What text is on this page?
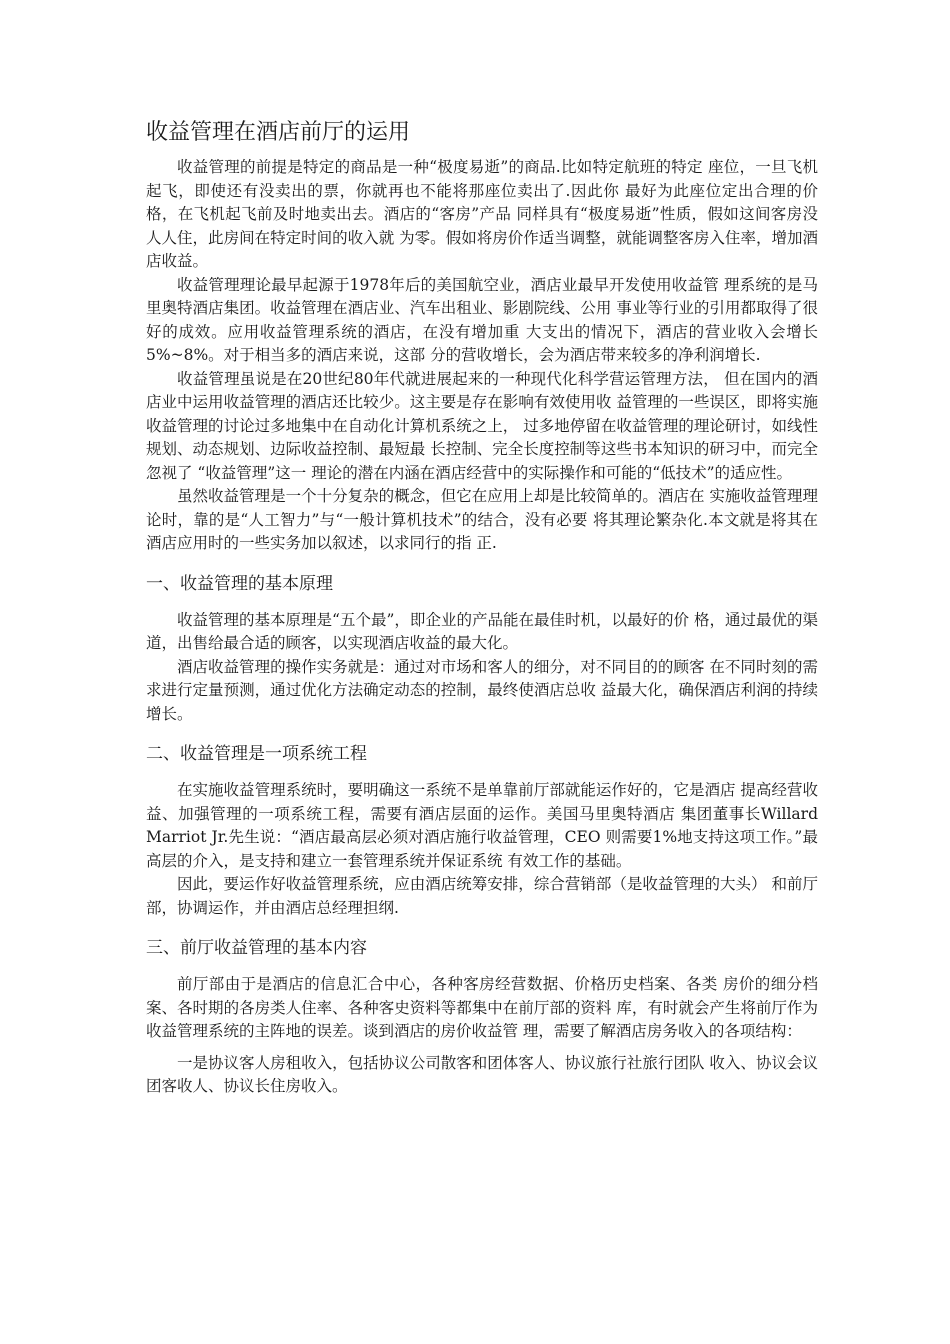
收益管理在酒店前厅的运用

收益管理的前提是特定的商品是一种“极度易逝”的商品.比如特定航班的特定 座位，一旦飞机起飞，即使还有没卖出的票，你就再也不能将那座位卖出了.因此你 最好为此座位定出合理的价格，在飞机起飞前及时地卖出去。酒店的“客房”产品 同样具有“极度易逝”性质，假如这间客房没人人住，此房间在特定时间的收入就 为零。假如将房价作适当调整，就能调整客房入住率，增加酒店收益。

收益管理理论最早起源于1978年后的美国航空业，酒店业最早开发使用收益管 理系统的是马里奥特酒店集团。收益管理在酒店业、汽车出租业、影剧院线、公用 事业等行业的引用都取得了很好的成效。应用收益管理系统的酒店，在没有增加重 大支出的情况下，酒店的营业收入会增长5%~8%。对于相当多的酒店来说，这部 分的营收增长，会为酒店带来较多的净利润增长.

收益管理虽说是在20世纪80年代就进展起来的一种现代化科学营运管理方法， 但在国内的酒店业中运用收益管理的酒店还比较少。这主要是存在影响有效使用收 益管理的一些误区，即将实施收益管理的讨论过多地集中在自动化计算机系统之上， 过多地停留在收益管理的理论研讨，如线性规划、动态规划、边际收益控制、最短最 长控制、完全长度控制等这些书本知识的研习中，而完全忽视了 “收益管理”这一 理论的潜在内涵在酒店经营中的实际操作和可能的“低技术”的适应性。

虽然收益管理是一个十分复杂的概念，但它在应用上却是比较简单的。酒店在 实施收益管理理论时，靠的是“人工智力”与“一般计算机技术”的结合，没有必要 将其理论繁杂化.本文就是将其在酒店应用时的一些实务加以叙述，以求同行的指 正.

一、收益管理的基本原理

收益管理的基本原理是“五个最”，即企业的产品能在最佳时机，以最好的价 格，通过最优的渠道，出售给最合适的顾客，以实现酒店收益的最大化。

酒店收益管理的操作实务就是：通过对市场和客人的细分，对不同目的的顾客 在不同时刻的需求进行定量预测，通过优化方法确定动态的控制，最终使酒店总收 益最大化，确保酒店利润的持续增长。

二、收益管理是一项系统工程

在实施收益管理系统时，要明确这一系统不是单靠前厅部就能运作好的，它是酒店 提高经营收益、加强管理的一项系统工程，需要有酒店层面的运作。美国马里奥特酒店 集团董事长Willard Marriot Jr.先生说：“酒店最高层必须对酒店施行收益管理，CEO 则需要1%地支持这项工作。”最高层的介入，是支持和建立一套管理系统并保证系统 有效工作的基础。

因此，要运作好收益管理系统，应由酒店统筹安排，综合营销部（是收益管理的大头） 和前厅部，协调运作，并由酒店总经理担纲.

三、前厅收益管理的基本内容

前厅部由于是酒店的信息汇合中心，各种客房经营数据、价格历史档案、各类 房价的细分档案、各时期的各房类人住率、各种客史资料等都集中在前厅部的资料 库，有时就会产生将前厅作为收益管理系统的主阵地的误差。谈到酒店的房价收益管 理，需要了解酒店房务收入的各项结构：

一是协议客人房租收入，包括协议公司散客和团体客人、协议旅行社旅行团队 收入、协议会议团客收人、协议长住房收入。
